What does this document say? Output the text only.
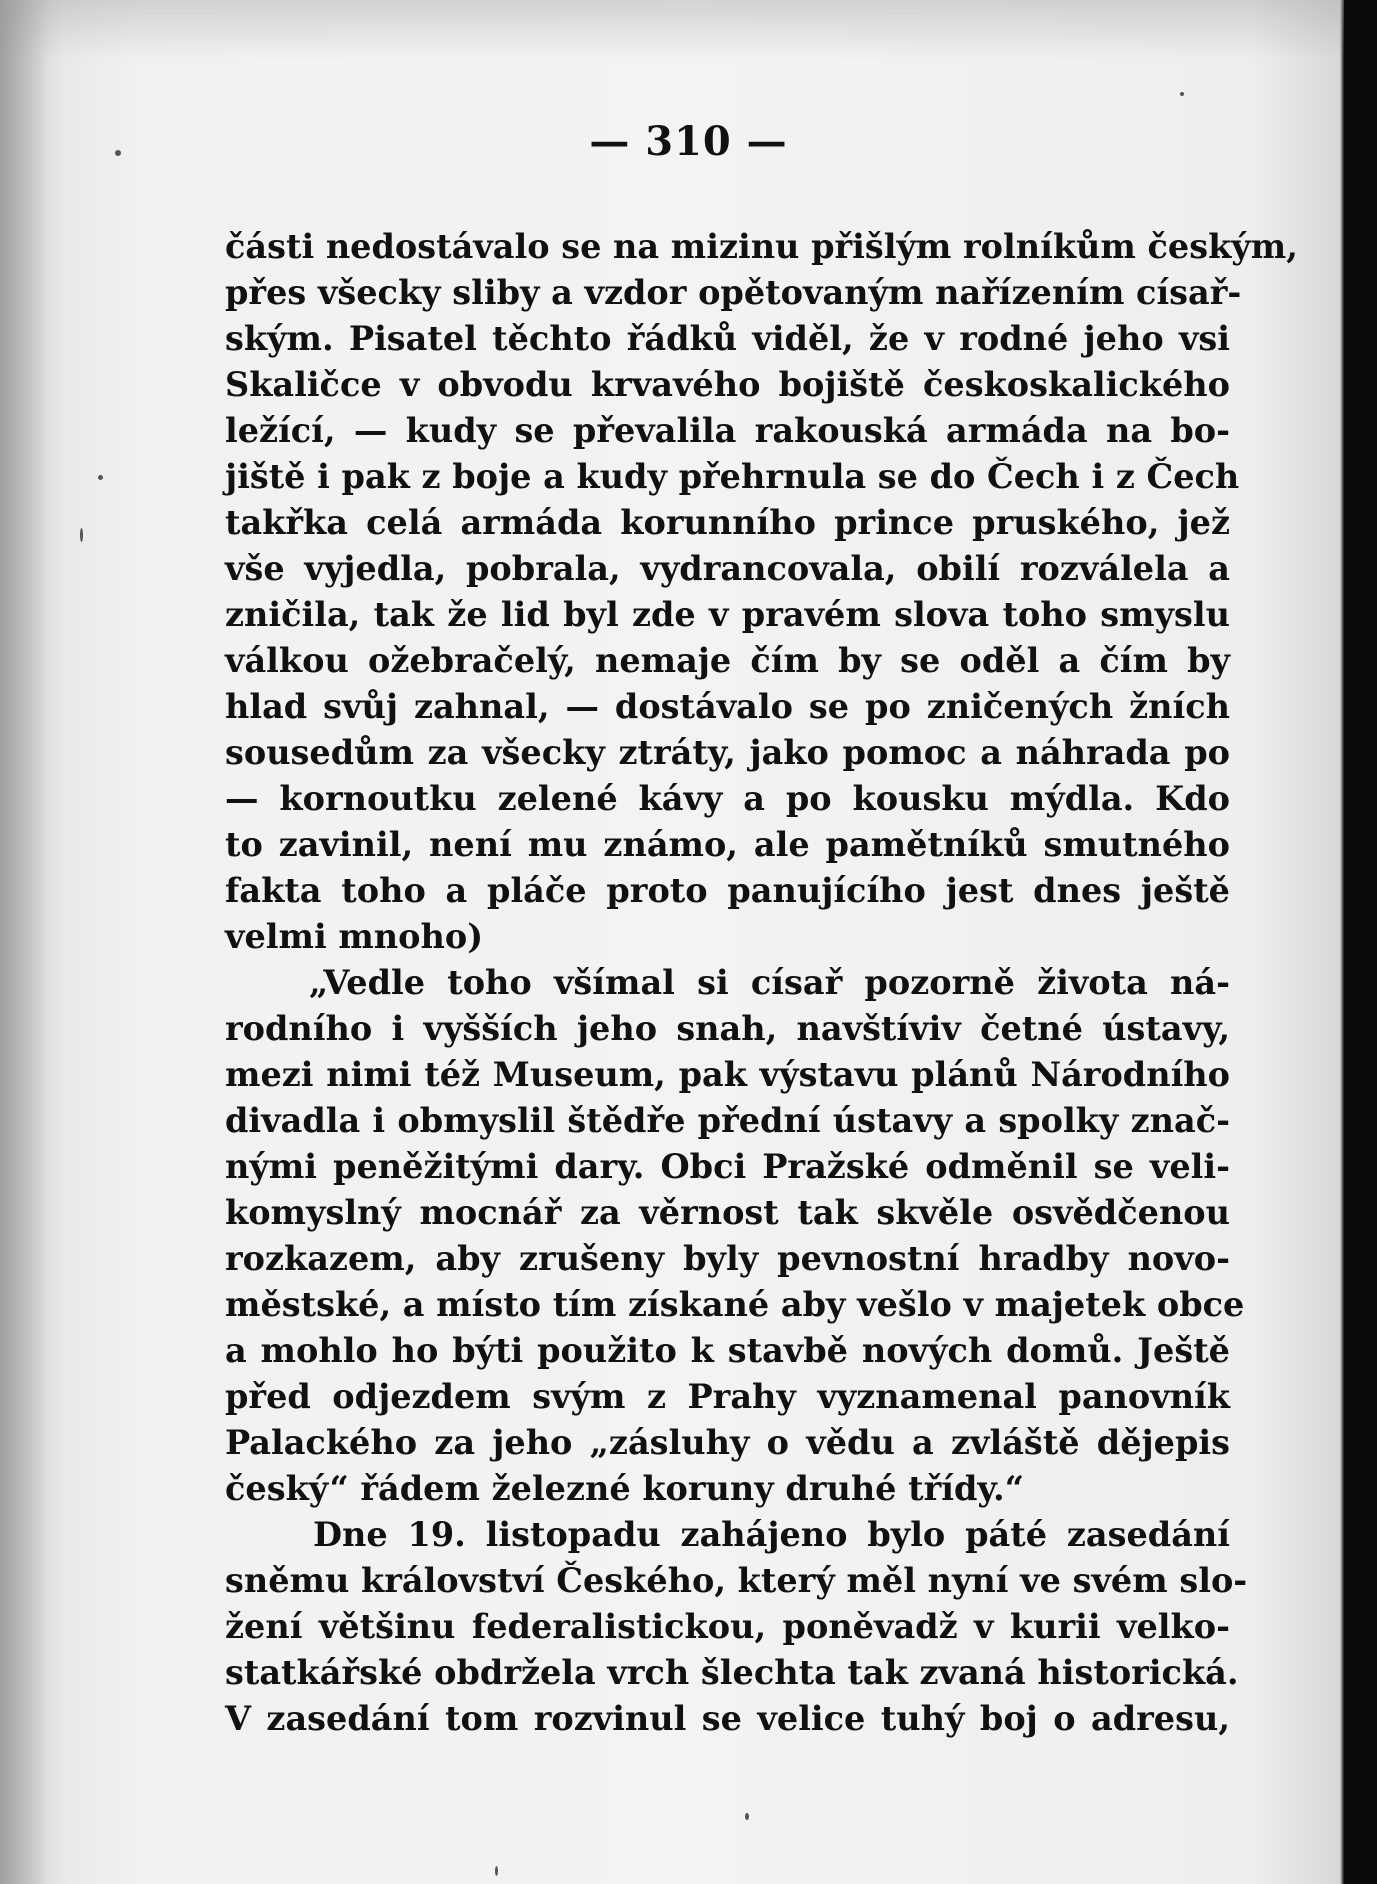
— 310 —
části nedostávalo se na mizinu přišlým rolníkům českým,
přes všecky sliby a vzdor opětovaným nařízením císař-
ským. Pisatel těchto řádků viděl, že v rodné jeho vsi
Skaličce v obvodu krvavého bojiště českoskalického
ležící, — kudy se převalila rakouská armáda na bo-
jiště i pak z boje a kudy přehrnula se do Čech i z Čech
takřka celá armáda korunního prince pruského, jež
vše vyjedla, pobrala, vydrancovala, obilí rozválela a
zničila, tak že lid byl zde v pravém slova toho smyslu
válkou ožebračelý, nemaje čím by se oděl a čím by
hlad svůj zahnal, — dostávalo se po zničených žních
sousedům za všecky ztráty, jako pomoc a náhrada po
— kornoutku zelené kávy a po kousku mýdla. Kdo
to zavinil, není mu známo, ale pamětníků smutného
fakta toho a pláče proto panujícího jest dnes ještě
velmi mnoho)
„Vedle toho všímal si císař pozorně života ná-
rodního i vyšších jeho snah, navštíviv četné ústavy,
mezi nimi též Museum, pak výstavu plánů Národního
divadla i obmyslil štědře přední ústavy a spolky znač-
nými peněžitými dary. Obci Pražské odměnil se veli-
komyslný mocnář za věrnost tak skvěle osvědčenou
rozkazem, aby zrušeny byly pevnostní hradby novo-
městské, a místo tím získané aby vešlo v majetek obce
a mohlo ho býti použito k stavbě nových domů. Ještě
před odjezdem svým z Prahy vyznamenal panovník
Palackého za jeho „zásluhy o vědu a zvláště dějepis
český“ řádem železné koruny druhé třídy.“
Dne 19. listopadu zahájeno bylo páté zasedání
sněmu království Českého, který měl nyní ve svém slo-
žení většinu federalistickou, poněvadž v kurii velko-
statkářské obdržela vrch šlechta tak zvaná historická.
V zasedání tom rozvinul se velice tuhý boj o adresu,
